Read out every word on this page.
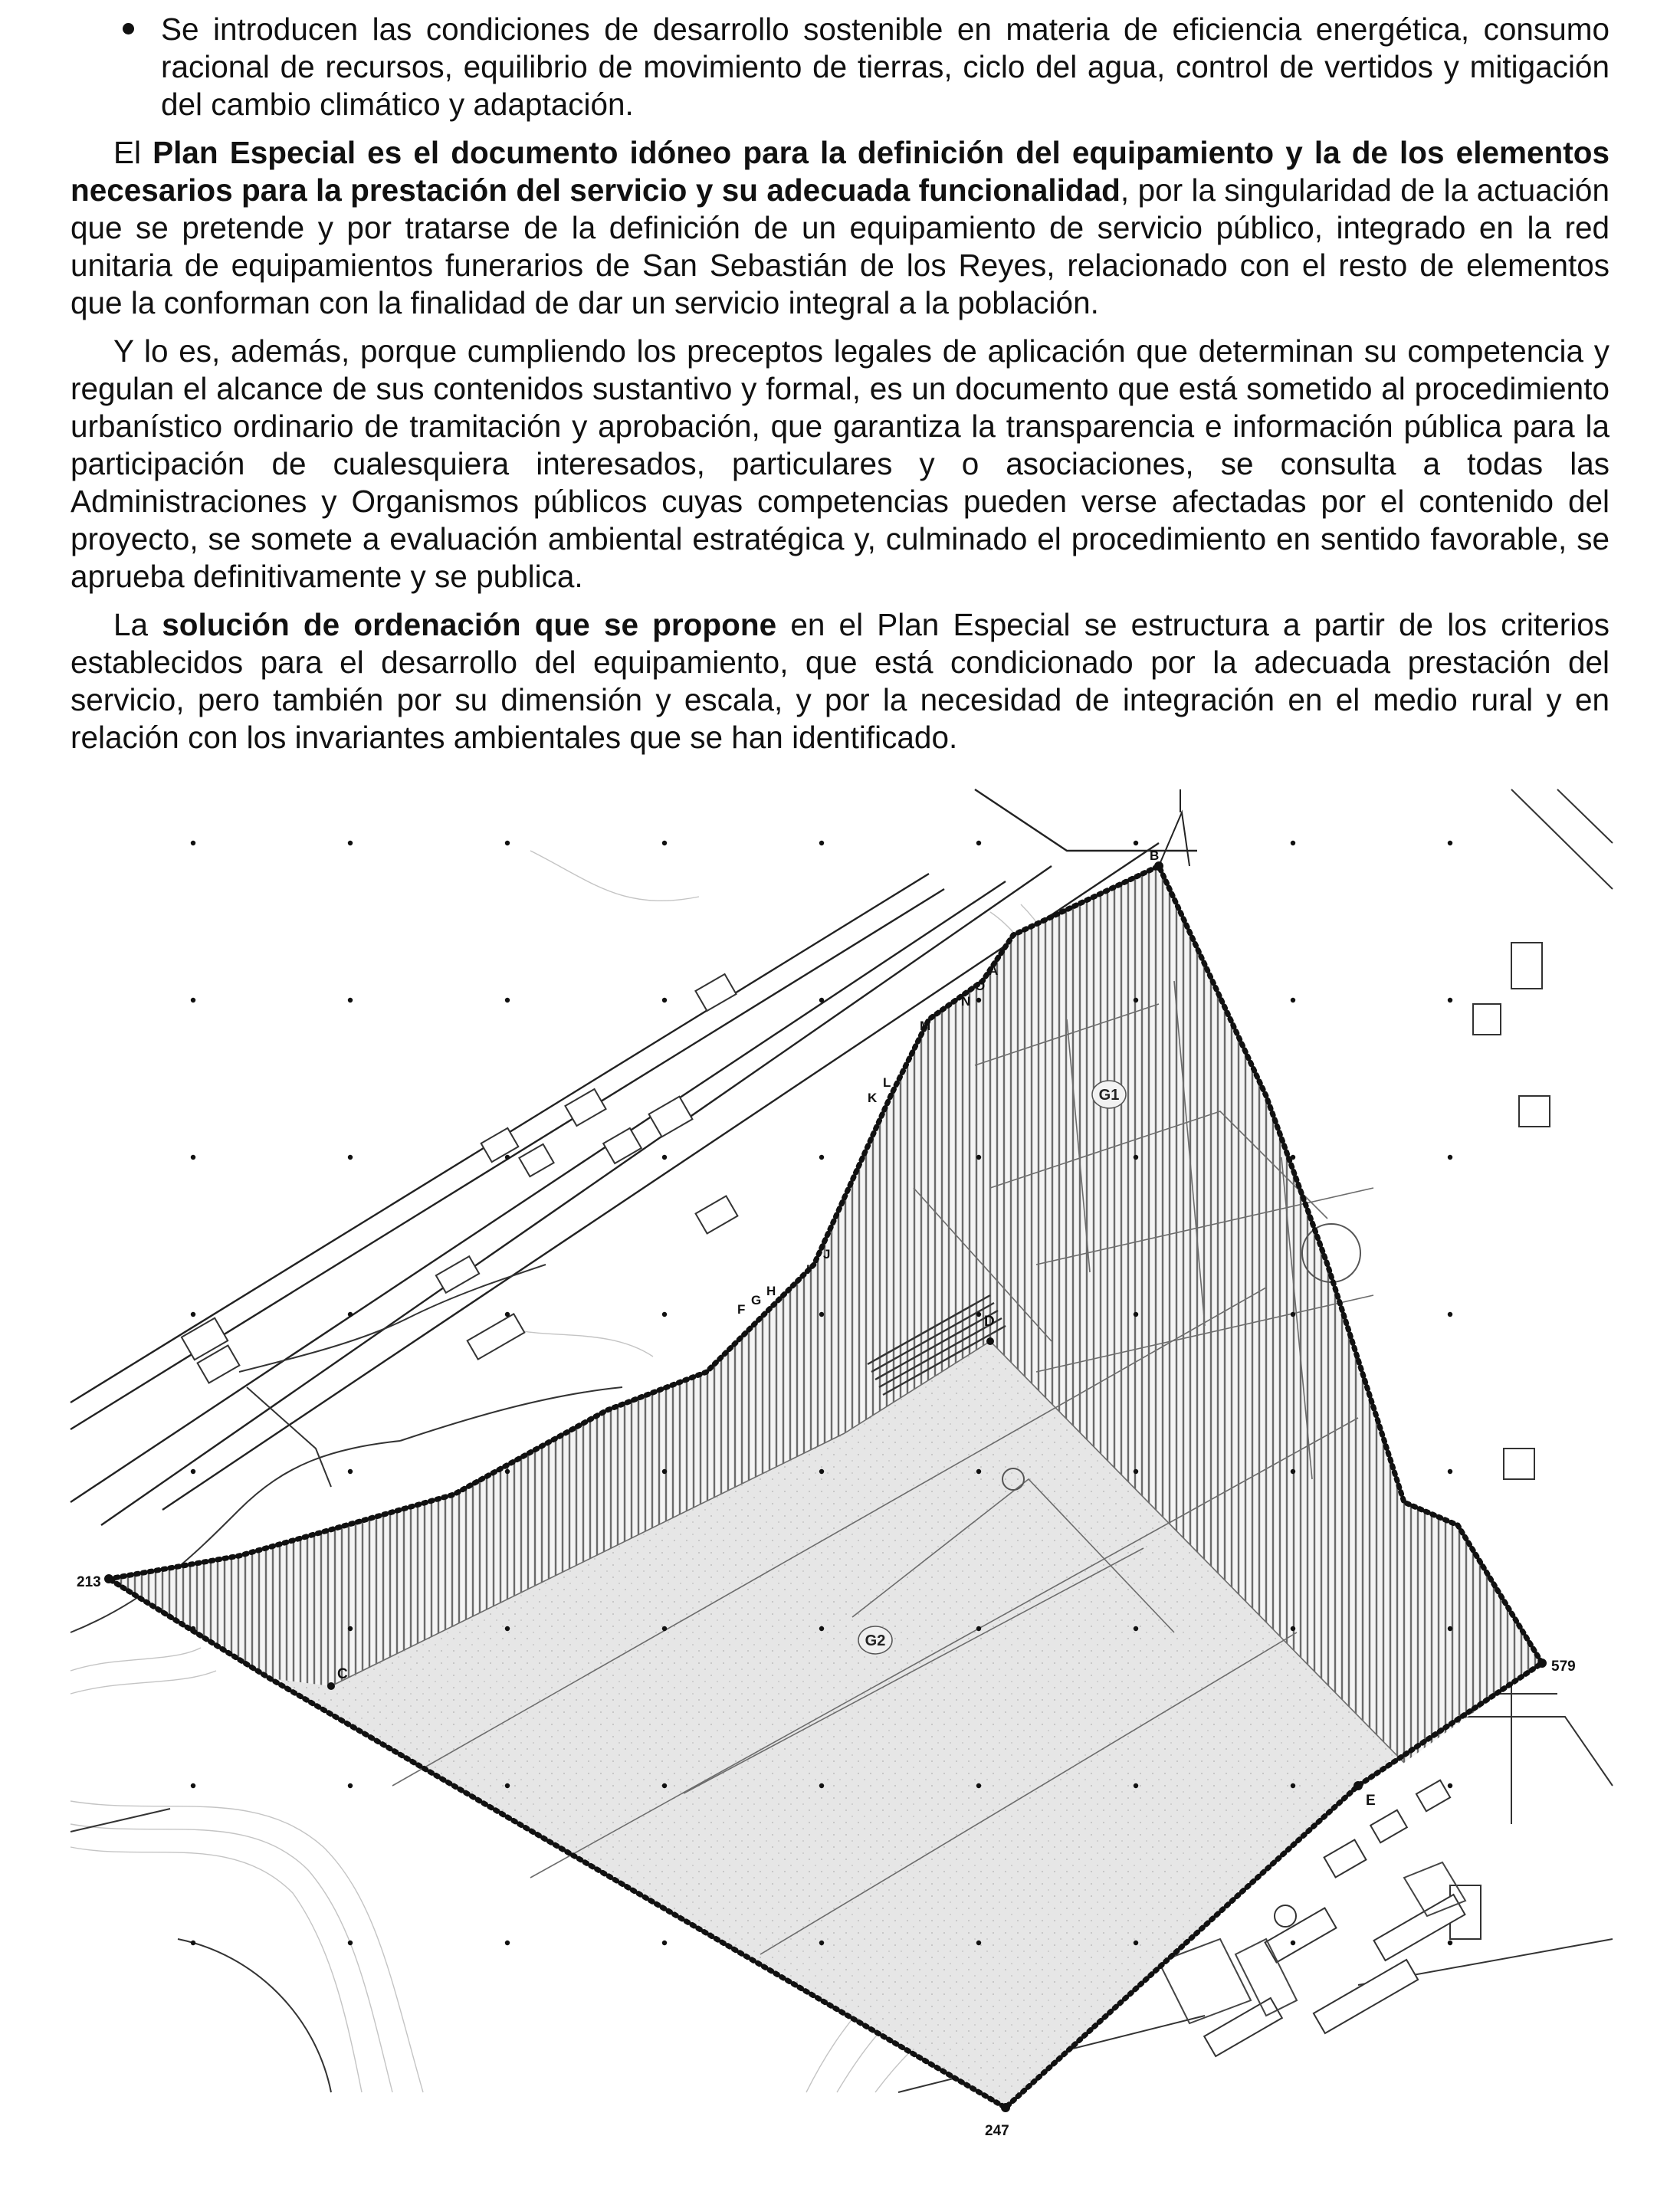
Se introducen las condiciones de desarrollo sostenible en materia de eficiencia energética, consumo racional de recursos, equilibrio de movimiento de tierras, ciclo del agua, control de vertidos y mitigación del cambio climático y adaptación.

El Plan Especial es el documento idóneo para la definición del equipamiento y la de los elementos necesarios para la prestación del servicio y su adecuada funcionalidad, por la singularidad de la actuación que se pretende y por tratarse de la definición de un equipamiento de servicio público, integrado en la red unitaria de equipamientos funerarios de San Sebastián de los Reyes, relacionado con el resto de elementos que la conforman con la finalidad de dar un servicio integral a la población.

Y lo es, además, porque cumpliendo los preceptos legales de aplicación que determinan su competencia y regulan el alcance de sus contenidos sustantivo y formal, es un documento que está sometido al procedimiento urbanístico ordinario de tramitación y aprobación, que garantiza la transparencia e información pública para la participación de cualesquiera interesados, particulares y o asociaciones, se consulta a todas las Administraciones y Organismos públicos cuyas competencias pueden verse afectadas por el contenido del proyecto, se somete a evaluación ambiental estratégica y, culminado el procedimiento en sentido favorable, se aprueba definitivamente y se publica.

La solución de ordenación que se propone en el Plan Especial se estructura a partir de los criterios establecidos para el desarrollo del equipamiento, que está condicionado por la adecuada prestación del servicio, pero también por su dimensión y escala, y por la necesidad de integración en el medio rural y en relación con los invariantes ambientales que se han identificado.

G1
G2
213
579
247
C
D
E
B
A
O
N
M
L
K
J
I
H
G
F
